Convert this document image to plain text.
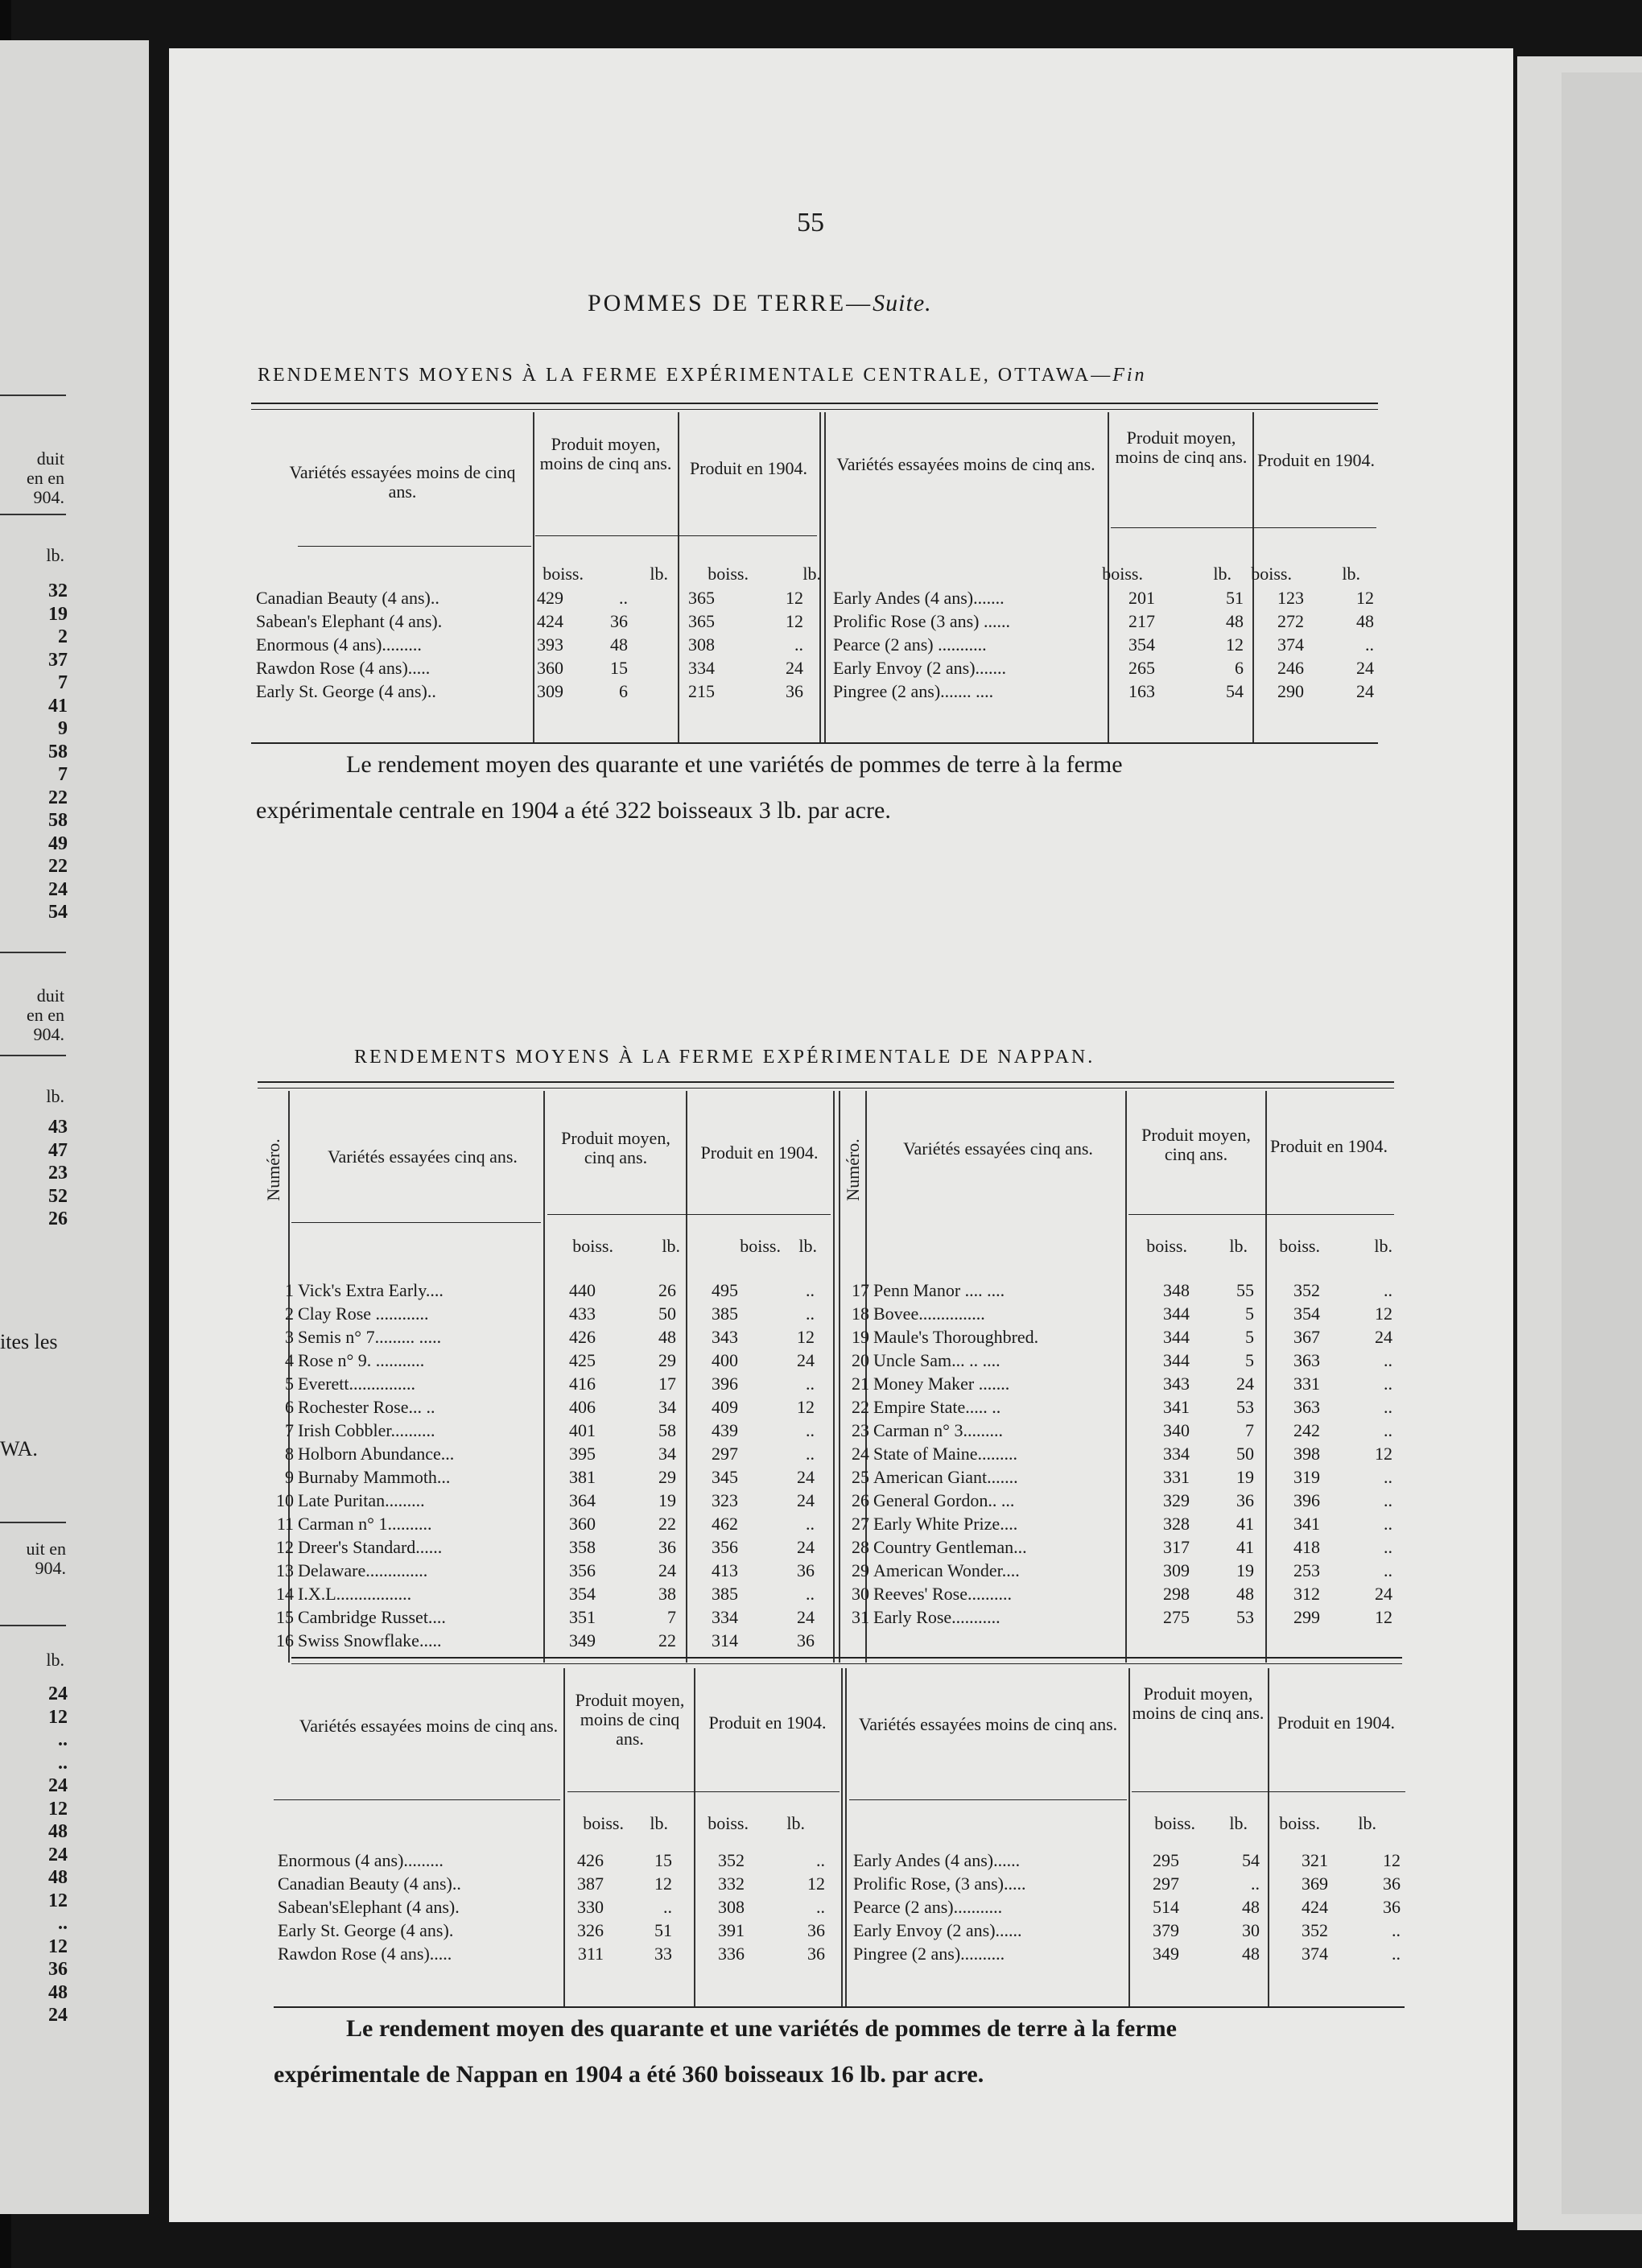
duit
en en
904.
lb.
32
19
2
37
7
41
9
58
7
22
58
49
22
24
54
duit
en en
904.
lb.
43
47
23
52
26
ites les
WA.
uit en
904.
lb.
24
12
..
..
24
12
48
24
48
12
..
12
36
48
24
55
POMMES DE TERRE—Suite.
RENDEMENTS MOYENS À LA FERME EXPÉRIMENTALE CENTRALE, OTTAWA—Fin
Variétés essayées moins de cinq ans.
Produit moyen, moins de cinq ans.	Produit en 1904.	Variétés essayées moins de cinq ans.
Produit moyen, moins de cinq ans. Produit en 1904.
boiss.	lb.	boiss.	lb.	boiss.	lb.	boiss.	lb.
Canadian Beauty (4 ans)..	429	..	365	12
Sabean's Elephant (4 ans).	424	36	365	12
Enormous (4 ans).........	393	48	308	..
Rawdon Rose (4 ans).....	360	15	334	24
Early St. George (4 ans)..	309	6	215	36
Early Andes (4 ans).......	201	51	123	12
Prolific Rose (3 ans) ......	217	48	272	48
Pearce (2 ans) ...........	354	12	374	..
Early Envoy (2 ans).......	265	6	246	24
Pingree (2 ans)....... ....	163	54	290	24
Le rendement moyen des quarante et une variétés de pommes de terre à la ferme
expérimentale centrale en 1904 a été 322 boisseaux 3 lb. par acre.
RENDEMENTS MOYENS À LA FERME EXPÉRIMENTALE DE NAPPAN.
Numéro.	Numéro.
Variétés essayées cinq ans.
Produit moyen, cinq ans.	Produit en 1904.	Variétés essayées cinq ans.
Produit moyen, cinq ans.	Produit en 1904.
boiss.	lb.	boiss.	lb.	boiss.	lb.	boiss.	lb.
1 Vick's Extra Early....	440	26	495	..
2 Clay Rose ............	433	50	385	..
3 Semis n° 7......... .....	426	48	343	12
4 Rose n° 9. ...........	425	29	400	24
5 Everett...............	416	17	396	..
6 Rochester Rose... ..	406	34	409	12
7 Irish Cobbler..........	401	58	439	..
8 Holborn Abundance...	395	34	297	..
9 Burnaby Mammoth...	381	29	345	24
10 Late Puritan.........	364	19	323	24
11 Carman n° 1..........	360	22	462	..
12 Dreer's Standard......	358	36	356	24
13 Delaware..............	356	24	413	36
14 I.X.L.................	354	38	385	..
15 Cambridge Russet....	351	7	334	24
16 Swiss Snowflake.....	349	22	314	36
17 Penn Manor .... ....	348	55	352	..
18 Bovee...............	344	5	354	12
19 Maule's Thoroughbred.	344	5	367	24
20 Uncle Sam... .. ....	344	5	363	..
21 Money Maker .......	343	24	331	..
22 Empire State..... ..	341	53	363	..
23 Carman n° 3.........	340	7	242	..
24 State of Maine.........	334	50	398	12
25 American Giant.......	331	19	319	..
26 General Gordon.. ...	329	36	396	..
27 Early White Prize....	328	41	341	..
28 Country Gentleman...	317	41	418	..
29 American Wonder....	309	19	253	..
30 Reeves' Rose..........	298	48	312	24
31 Early Rose...........	275	53	299	12
Variétés essayées moins de cinq ans.
Produit moyen, moins de cinq ans.
Produit en 1904.	Variétés essayées moins de cinq ans.
Produit moyen, moins de cinq ans. Produit en 1904.
boiss.	lb.	boiss.	lb.	boiss.	lb.	boiss.	lb.
Enormous (4 ans).........	426	15	352	..
Canadian Beauty (4 ans)..	387	12	332	12
Sabean'sElephant (4 ans).	330	..	308	..
Early St. George (4 ans).	326	51	391	36
Rawdon Rose (4 ans).....	311	33	336	36
Early Andes (4 ans)......	295	54	321	12
Prolific Rose, (3 ans).....	297	..	369	36
Pearce (2 ans)...........	514	48	424	36
Early Envoy (2 ans)......	379	30	352	..
Pingree (2 ans)..........	349	48	374	..
Le rendement moyen des quarante et une variétés de pommes de terre à la ferme
expérimentale de Nappan en 1904 a été 360 boisseaux 16 lb. par acre.
